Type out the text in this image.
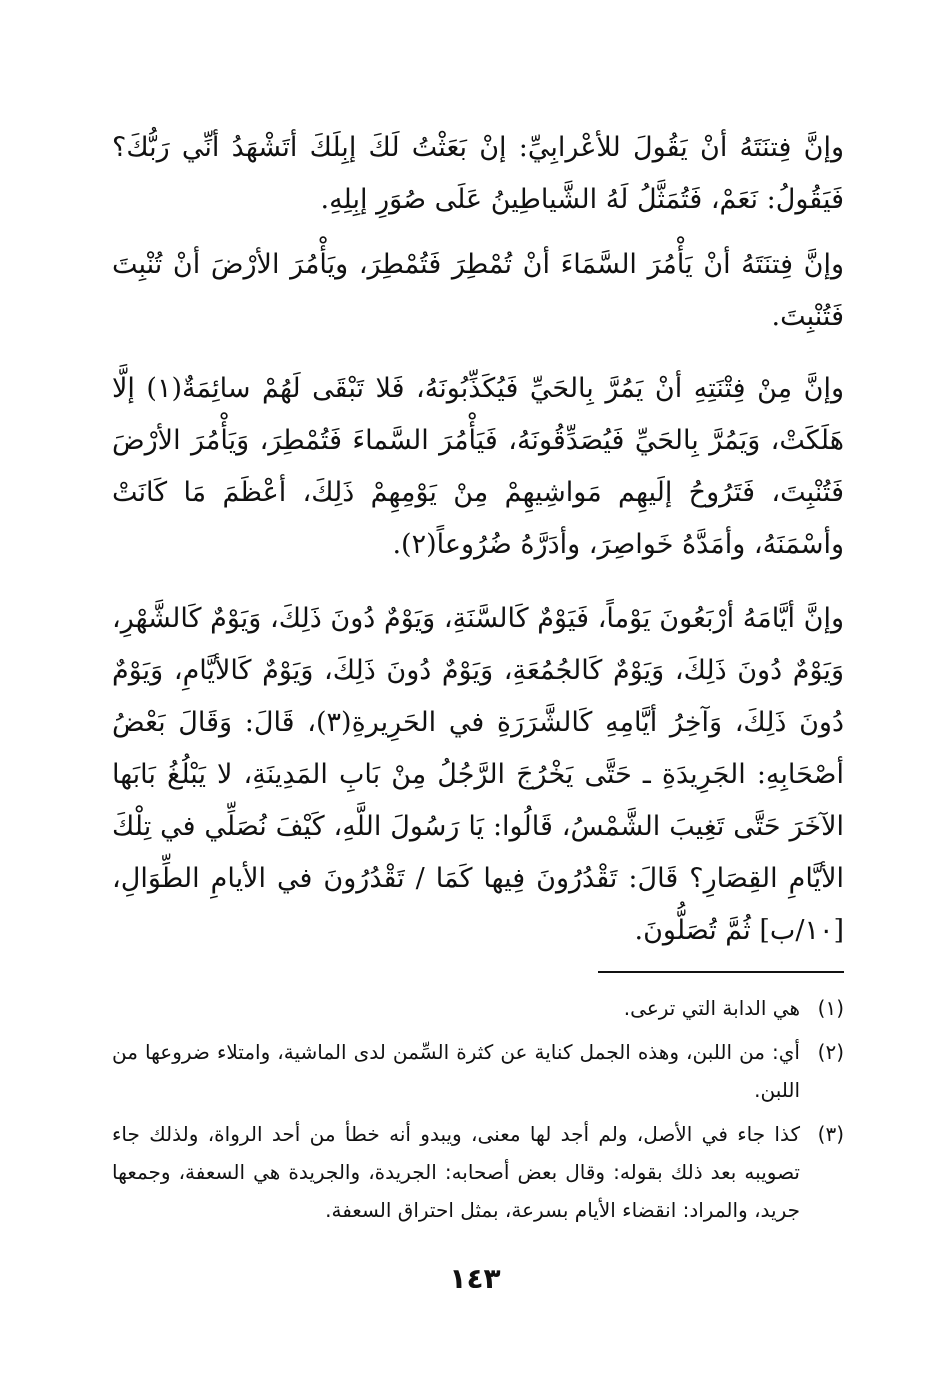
وإنَّ فِتنَتَهُ أنْ يَقُولَ للأعْرابِيِّ: إنْ بَعَثْتُ لَكَ إبِلَكَ أتَشْهَدُ أنِّي رَبُّكَ؟ فَيَقُولُ: نَعَمْ، فَتُمَثَّلُ لَهُ الشَّياطِينُ عَلَى صُوَرِ إبِلِهِ.

وإنَّ فِتنَتَهُ أنْ يَأْمُرَ السَّمَاءَ أنْ تُمْطِرَ فَتُمْطِرَ، ويَأْمُرَ الأرْضَ أنْ تُنْبِتَ فَتُنْبِتَ.

وإنَّ مِنْ فِتْنَتِهِ أنْ يَمُرَّ بِالحَيِّ فَيُكَذِّبُونَهُ، فَلا تَبْقَى لَهُمْ سائِمَةٌ(١) إلَّا هَلَكَتْ، وَيَمُرَّ بِالحَيِّ فَيُصَدِّقُونَهُ، فَيَأْمُرَ السَّماءَ فَتُمْطِرَ، وَيَأْمُرَ الأرْضَ فَتُنْبِتَ، فَتَرُوحُ إلَيهِم مَواشِيهِمْ مِنْ يَوْمِهِمْ ذَلِكَ، أعْظَمَ مَا كَانَتْ وأسْمَنَهُ، وأمَدَّهُ خَواصِرَ، وأدَرَّهُ ضُرُوعاً(٢).

وإنَّ أيَّامَهُ أرْبَعُونَ يَوْماً، فَيَوْمٌ كَالسَّنَةِ، وَيَوْمٌ دُونَ ذَلِكَ، وَيَوْمٌ كَالشَّهْرِ، وَيَوْمٌ دُونَ ذَلِكَ، وَيَوْمٌ كَالجُمُعَةِ، وَيَوْمٌ دُونَ ذَلِكَ، وَيَوْمٌ كَالأيَّامِ، وَيَوْمٌ دُونَ ذَلِكَ، وَآخِرُ أيَّامِهِ كَالشَّرَرَةِ في الحَرِيرةِ(٣)، قَالَ: وَقَالَ بَعْضُ أصْحَابِهِ: الجَرِيدَةِ ـ حَتَّى يَخْرُجَ الرَّجُلُ مِنْ بَابِ المَدِينَةِ، لا يَبْلُغُ بَابَها الآخَرَ حَتَّى تَغِيبَ الشَّمْسُ، قَالُوا: يَا رَسُولَ اللَّهِ، كَيْفَ نُصَلِّي في تِلْكَ الأيَّامِ القِصَارِ؟ قَالَ: تَقْدُرُونَ فِيها كَمَا / تَقْدُرُونَ في الأيامِ الطِّوَالِ، [١٠/ب] ثُمَّ تُصَلُّونَ.

(١)
هي الدابة التي ترعى.
(٢)
أي: من اللبن، وهذه الجمل كناية عن كثرة السِّمن لدى الماشية، وامتلاء ضروعها من اللبن.
(٣)
كذا جاء في الأصل، ولم أجد لها معنى، ويبدو أنه خطأ من أحد الرواة، ولذلك جاء تصويبه بعد ذلك بقوله: وقال بعض أصحابه: الجريدة، والجريدة هي السعفة، وجمعها جريد، والمراد: انقضاء الأيام بسرعة، بمثل احتراق السعفة.
١٤٣
